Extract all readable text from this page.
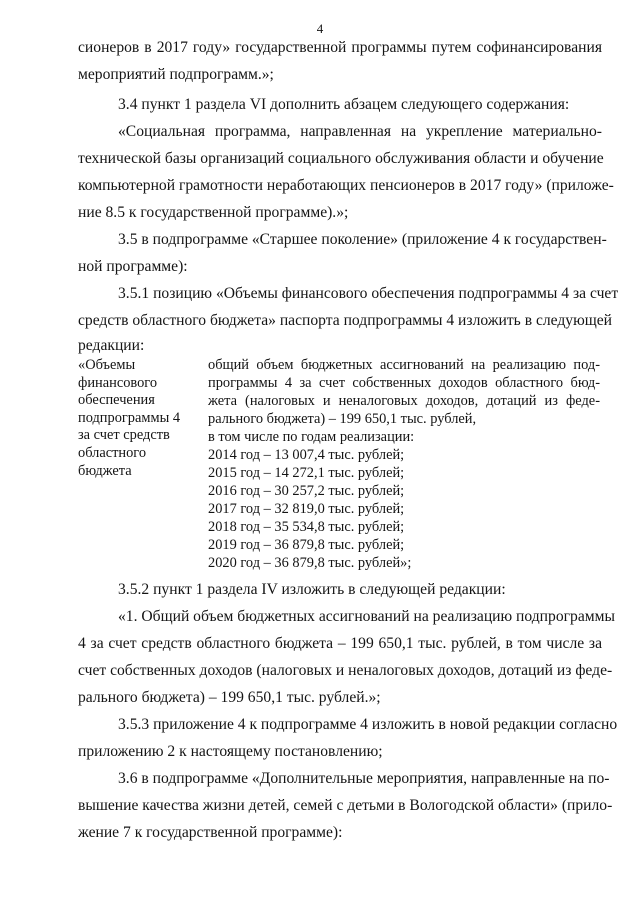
4
сионеров в 2017 году» государственной программы путем софинансирования
мероприятий подпрограмм.»;
3.4 пункт 1 раздела VI дополнить абзацем следующего содержания:
«Социальная программа, направленная на укрепление материально-
технической базы организаций социального обслуживания области и обучение
компьютерной грамотности неработающих пенсионеров в 2017 году» (приложе-
ние 8.5 к государственной программе).»;
3.5 в подпрограмме «Старшее поколение» (приложение 4 к государствен-
ной программе):
3.5.1 позицию «Объемы финансового обеспечения подпрограммы 4 за счет
средств областного бюджета» паспорта подпрограммы 4 изложить в следующей
редакции:
«Объемы
финансового
обеспечения
подпрограммы 4
за счет средств
областного
бюджета
общий объем бюджетных ассигнований на реализацию под-
программы 4 за счет собственных доходов областного бюд-
жета (налоговых и неналоговых доходов, дотаций из феде-
рального бюджета) – 199 650,1 тыс. рублей,
в том числе по годам реализации:
2014 год – 13 007,4 тыс. рублей;
2015 год – 14 272,1 тыс. рублей;
2016 год – 30 257,2 тыс. рублей;
2017 год – 32 819,0 тыс. рублей;
2018 год – 35 534,8 тыс. рублей;
2019 год – 36 879,8 тыс. рублей;
2020 год – 36 879,8 тыс. рублей»;
3.5.2 пункт 1 раздела IV изложить в следующей редакции:
«1. Общий объем бюджетных ассигнований на реализацию подпрограммы
4 за счет средств областного бюджета – 199 650,1 тыс. рублей, в том числе за
счет собственных доходов (налоговых и неналоговых доходов, дотаций из феде-
рального бюджета) – 199 650,1 тыс. рублей.»;
3.5.3 приложение 4 к подпрограмме 4 изложить в новой редакции согласно
приложению 2 к настоящему постановлению;
3.6 в подпрограмме «Дополнительные мероприятия, направленные на по-
вышение качества жизни детей, семей с детьми в Вологодской области» (прило-
жение 7 к государственной программе):
